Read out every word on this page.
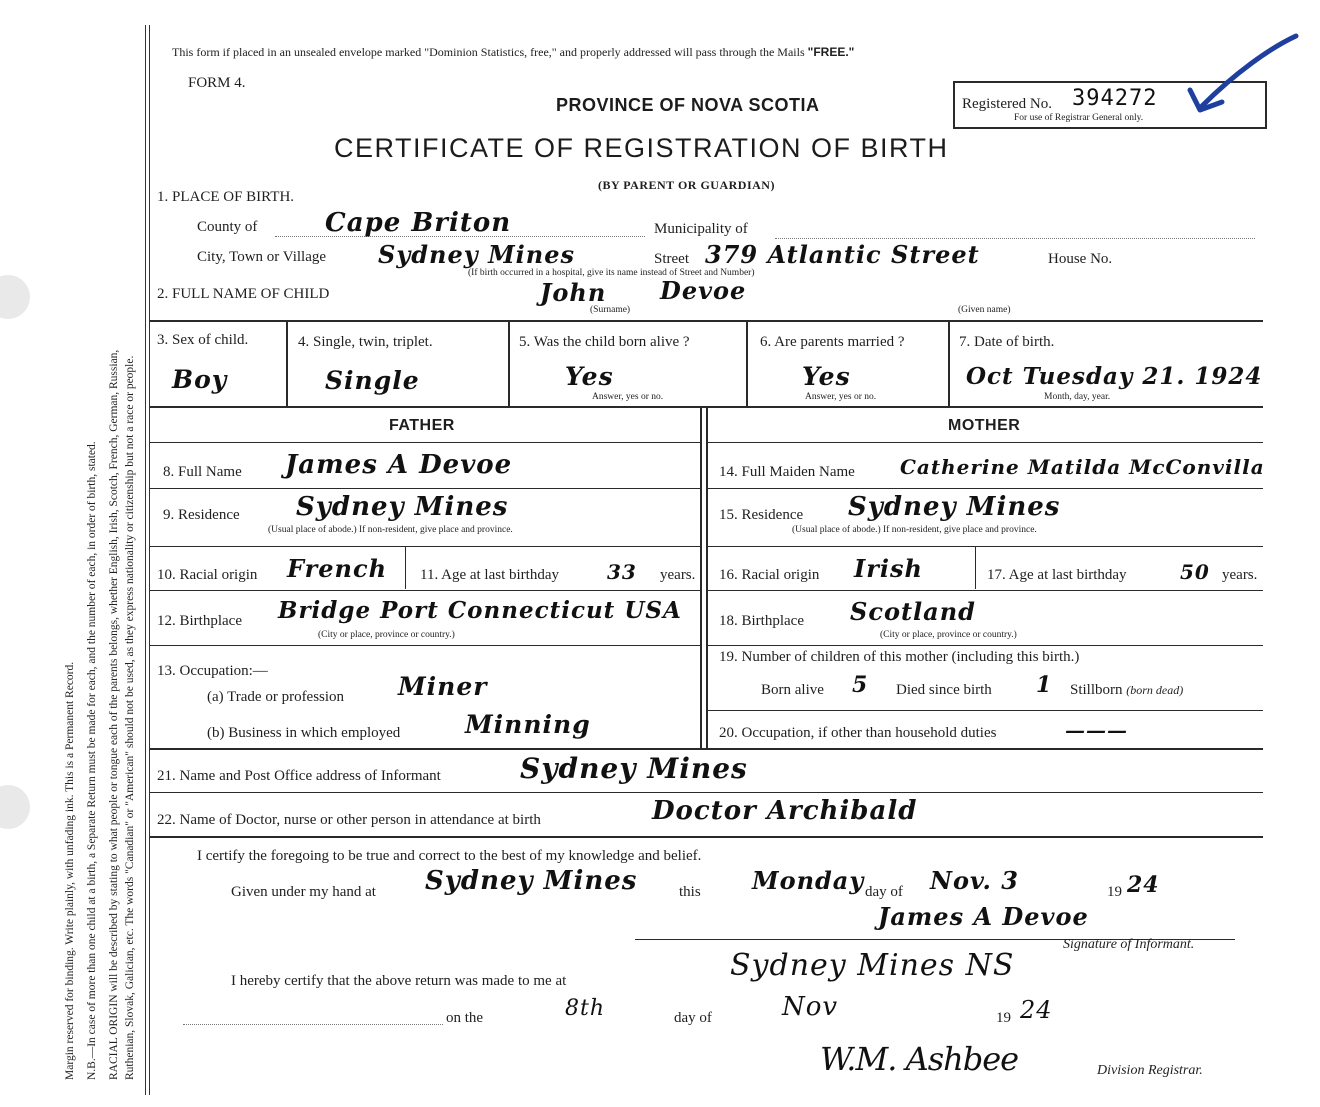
Margin reserved for binding. Write plainly, with unfading ink. This is a Permanent Record. N.B.—In case of more than one child at a birth, a Separate Return must be made for each, and the number of each, in order of birth, stated. RACIAL ORIGIN will be described by stating to what people or tongue each of the parents belongs, whether English, Irish, Scotch, French, German, Russian, Ruthenian, Slovak, Galician, etc. The words "Canadian" or "American" should not be used, as they express nationality or citizenship but not a race or people.
This form if placed in an unsealed envelope marked "Dominion Statistics, free," and properly addressed will pass through the Mails "FREE."
FORM 4.
PROVINCE OF NOVA SCOTIA
CERTIFICATE OF REGISTRATION OF BIRTH
(BY PARENT OR GUARDIAN)
Registered No. 394272
For use of Registrar General only.
1. PLACE OF BIRTH.
County of	Cape Briton	Municipality of
City, Town or Village Sydney Mines	Street 379 Atlantic Street	House No.
(If birth occurred in a hospital, give its name instead of Street and Number)
2. FULL NAME OF CHILD	John Devoe
(Surname)	(Given name)
3. Sex of child.
Boy
4. Single, twin, triplet.
Single
5. Was the child born alive ?
Yes
Answer, yes or no.
6. Are parents married ?
Yes
Answer, yes or no.
7. Date of birth.
Oct Tuesday 21. 1924
Month, day, year.
FATHER	MOTHER
8. Full Name James A Devoe	14. Full Maiden Name Catherine Matilda McConvilla
9. Residence Sydney Mines
(Usual place of abode.) If non-resident, give place and province.
15. Residence Sydney Mines
(Usual place of abode.) If non-resident, give place and province.
10. Racial origin French 11. Age at last birthday 33 years. 16. Racial origin Irish	17. Age at last birthday	50 years.
12. Birthplace Bridge Port Connecticut USA
(City or place, province or country.)
18. Birthplace Scotland
(City or place, province or country.)
13. Occupation:—
(a) Trade or profession Miner
(b) Business in which employed	Minning
19. Number of children of this mother (including this birth.)
Born alive 5 Died since birth 1 Stillborn (born dead)
20. Occupation, if other than household duties	———
21. Name and Post Office address of Informant	Sydney Mines
22. Name of Doctor, nurse or other person in attendance at birth	Doctor Archibald
I certify the foregoing to be true and correct to the best of my knowledge and belief.
Given under my hand at Sydney Mines	this Monday day of Nov. 3	19 24
James A Devoe
Signature of Informant.
I hereby certify that the above return was made to me at	Sydney Mines NS
on the	8th	day of	Nov	19 24
W.M. Ashbee	Division Registrar.
